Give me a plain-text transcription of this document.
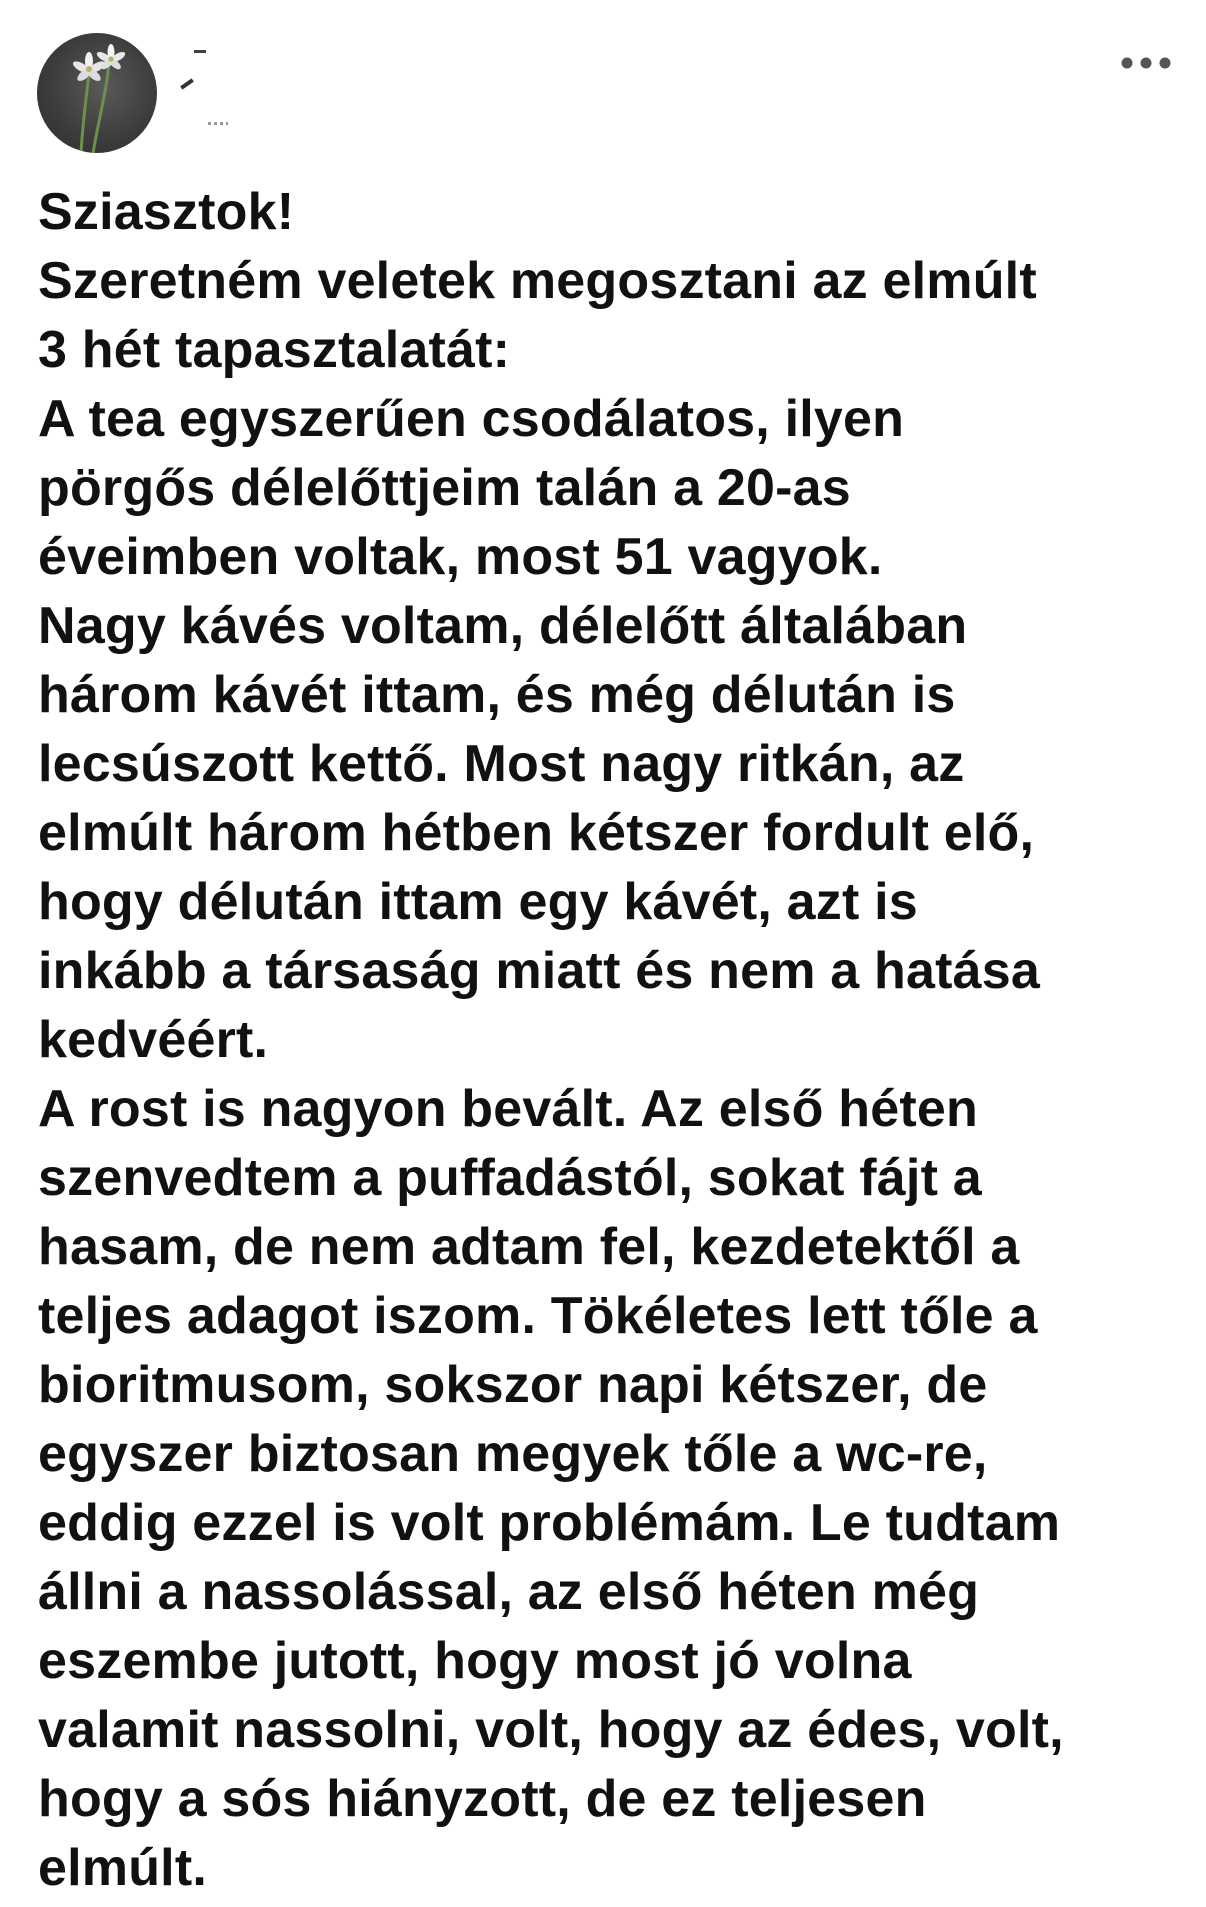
Sziasztok!
Szeretném veletek megosztani az elmúlt
3 hét tapasztalatát:
A tea egyszerűen csodálatos, ilyen
pörgős délelőttjeim talán a 20-as
éveimben voltak, most 51 vagyok.
Nagy kávés voltam, délelőtt általában
három kávét ittam, és még délután is
lecsúszott kettő. Most nagy ritkán, az
elmúlt három hétben kétszer fordult elő,
hogy délután ittam egy kávét, azt is
inkább a társaság miatt és nem a hatása
kedvéért.
A rost is nagyon bevált. Az első héten
szenvedtem a puffadástól, sokat fájt a
hasam, de nem adtam fel, kezdetektől a
teljes adagot iszom. Tökéletes lett tőle a
bioritmusom, sokszor napi kétszer, de
egyszer biztosan megyek tőle a wc-re,
eddig ezzel is volt problémám. Le tudtam
állni a nassolással, az első héten még
eszembe jutott, hogy most jó volna
valamit nassolni, volt, hogy az édes, volt,
hogy a sós hiányzott, de ez teljesen
elmúlt.
